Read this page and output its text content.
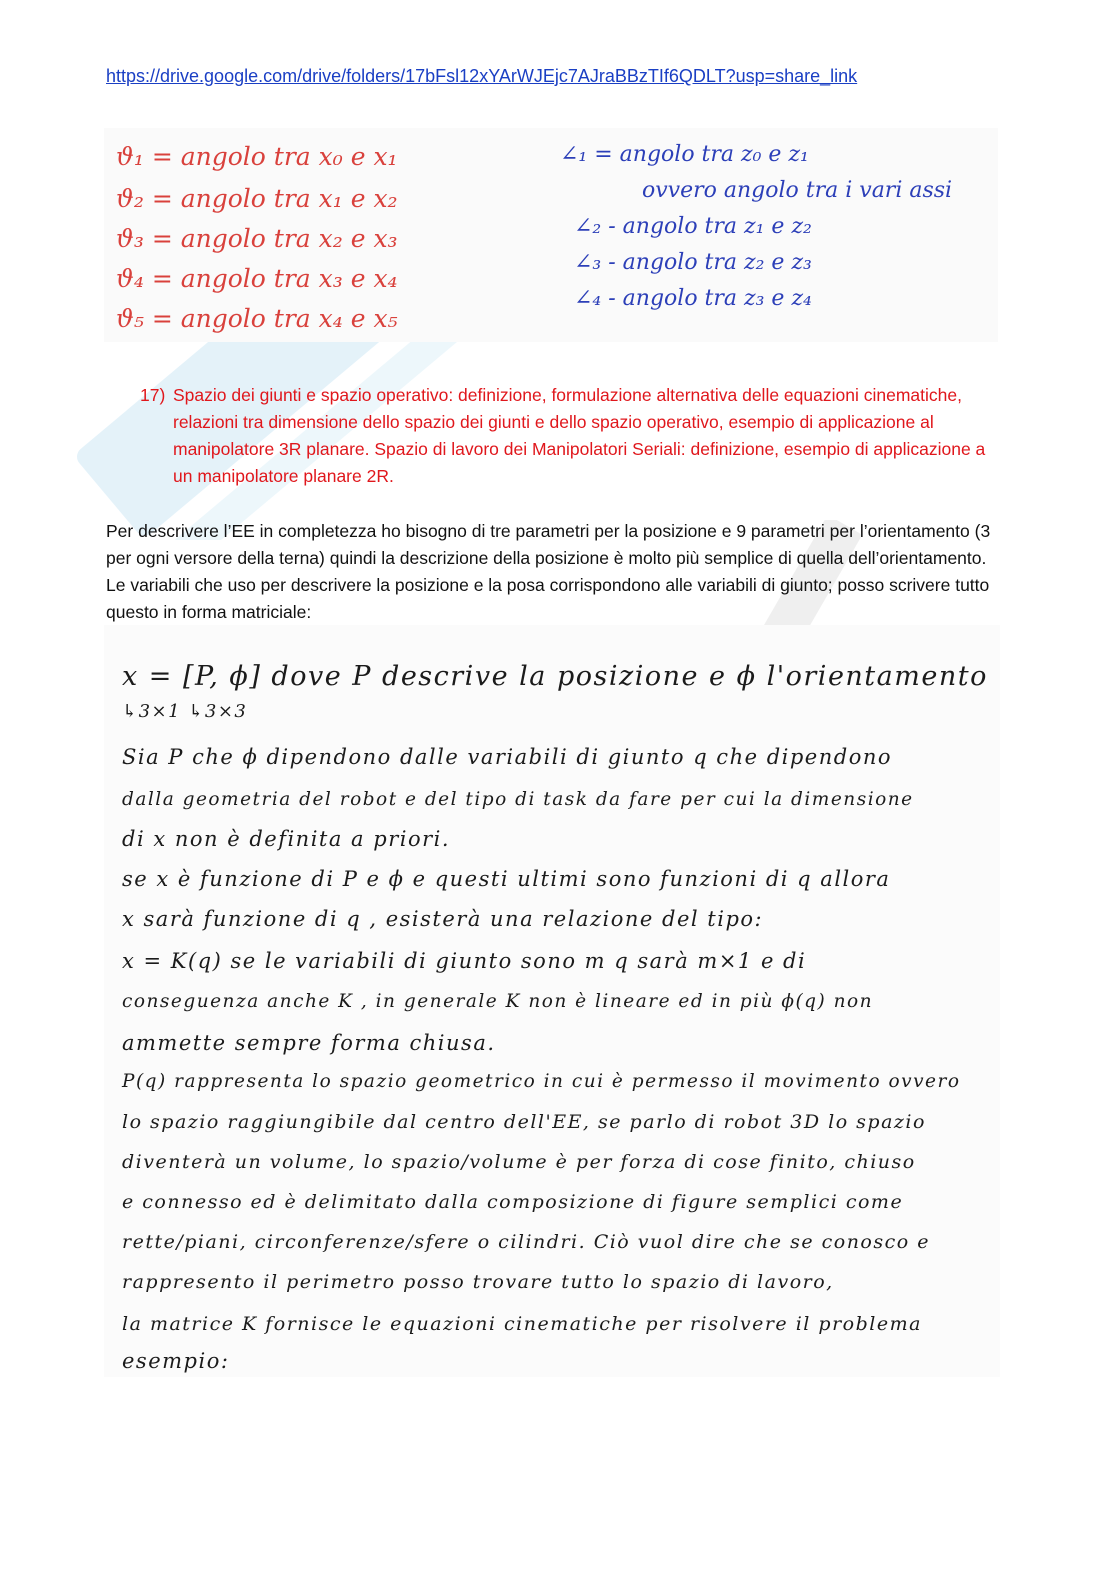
https://drive.google.com/drive/folders/17bFsl12xYArWJEjc7AJraBBzTIf6QDLT?usp=share_link
ϑ₁ = angolo tra x₀ e x₁
ϑ₂ = angolo tra x₁ e x₂
ϑ₃ = angolo tra x₂ e x₃
ϑ₄ = angolo tra x₃ e x₄
ϑ₅ = angolo tra x₄ e x₅
∠₁ = angolo tra z₀ e z₁
ovvero angolo tra i vari assi
∠₂ - angolo tra z₁ e z₂
∠₃ - angolo tra z₂ e z₃
∠₄ - angolo tra z₃ e z₄
17) Spazio dei giunti e spazio operativo: definizione, formulazione alternativa delle equazioni cinematiche, relazioni tra dimensione dello spazio dei giunti e dello spazio operativo, esempio di applicazione al manipolatore 3R planare. Spazio di lavoro dei Manipolatori Seriali: definizione, esempio di applicazione a un manipolatore planare 2R.
Per descrivere l’EE in completezza ho bisogno di tre parametri per la posizione e 9 parametri per l’orientamento (3 per ogni versore della terna) quindi la descrizione della posizione è molto più semplice di quella dell’orientamento. Le variabili che uso per descrivere la posizione e la posa corrispondono alle variabili di giunto; posso scrivere tutto questo in forma matriciale:
x = [P, ϕ] dove P descrive la posizione e ϕ l'orientamento
↳3×1 ↳3×3
Sia P che ϕ dipendono dalle variabili di giunto q che dipendono
dalla geometria del robot e del tipo di task da fare per cui la dimensione
di x non è definita a priori.
se x è funzione di P e ϕ e questi ultimi sono funzioni di q allora
x sarà funzione di q , esisterà una relazione del tipo:
x = K(q) se le variabili di giunto sono m q sarà m×1 e di
conseguenza anche K , in generale K non è lineare ed in più ϕ(q) non
ammette sempre forma chiusa.
P(q) rappresenta lo spazio geometrico in cui è permesso il movimento ovvero
lo spazio raggiungibile dal centro dell'EE, se parlo di robot 3D lo spazio
diventerà un volume, lo spazio/volume è per forza di cose finito, chiuso
e connesso ed è delimitato dalla composizione di figure semplici come
rette/piani, circonferenze/sfere o cilindri. Ciò vuol dire che se conosco e
rappresento il perimetro posso trovare tutto lo spazio di lavoro,
la matrice K fornisce le equazioni cinematiche per risolvere il problema
esempio:
